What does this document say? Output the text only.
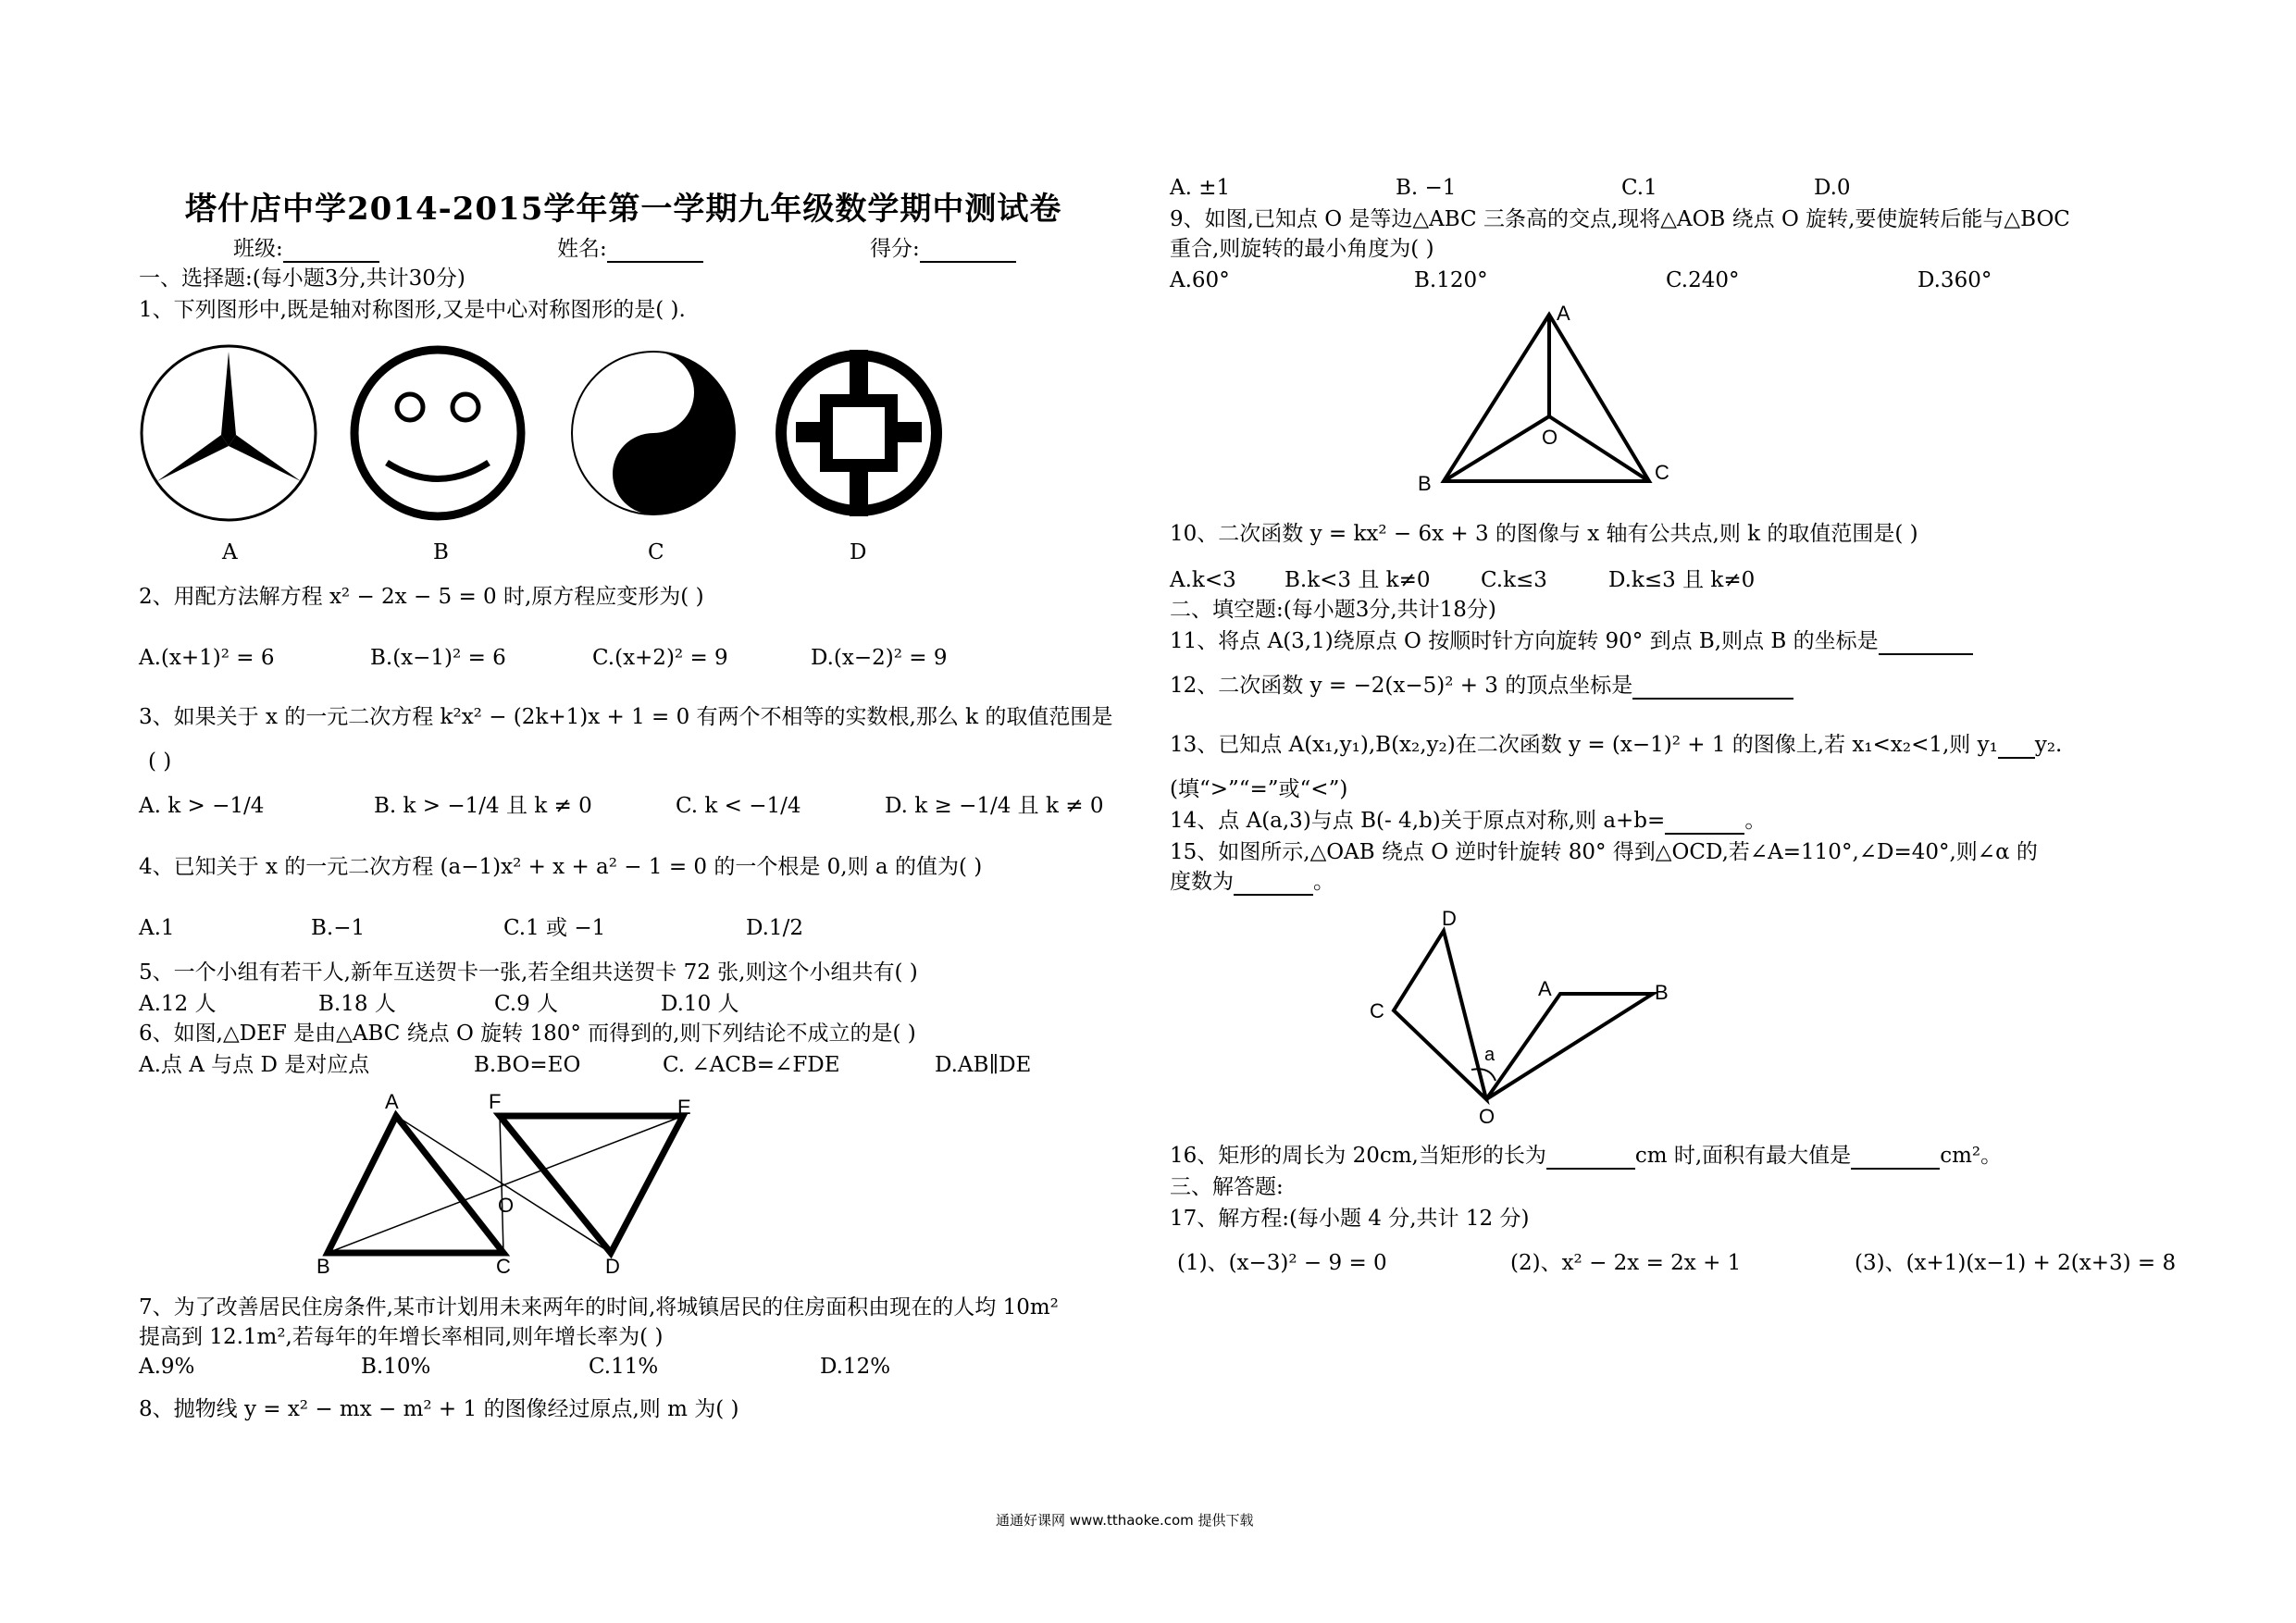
塔什店中学2014-2015学年第一学期九年级数学期中测试卷
班级:	姓名:	得分:
一、选择题:(每小题3分,共计30分)
1、下列图形中,既是轴对称图形,又是中心对称图形的是( ).
A	B	C	D
2、用配方法解方程 x² − 2x − 5 = 0 时,原方程应变形为( )
A.(x+1)² = 6	B.(x−1)² = 6	C.(x+2)² = 9	D.(x−2)² = 9
3、如果关于 x 的一元二次方程 k²x² − (2k+1)x + 1 = 0 有两个不相等的实数根,那么 k 的取值范围是
( )
A. k > −1/4	B. k > −1/4 且 k ≠ 0	C. k < −1/4	D. k ≥ −1/4 且 k ≠ 0
4、已知关于 x 的一元二次方程 (a−1)x² + x + a² − 1 = 0 的一个根是 0,则 a 的值为( )
A.1	B.−1	C.1 或 −1	D.1/2
5、一个小组有若干人,新年互送贺卡一张,若全组共送贺卡 72 张,则这个小组共有( )
A.12 人	B.18 人	C.9 人	D.10 人
6、如图,△DEF 是由△ABC 绕点 O 旋转 180° 而得到的,则下列结论不成立的是( )
A.点 A 与点 D 是对应点	B.BO=EO	C. ∠ACB=∠FDE	D.AB∥DE
A	F	E
O
B	C	D
7、为了改善居民住房条件,某市计划用未来两年的时间,将城镇居民的住房面积由现在的人均 10m²
提高到 12.1m²,若每年的年增长率相同,则年增长率为( )
A.9%	B.10%	C.11%	D.12%
8、抛物线 y = x² − mx − m² + 1 的图像经过原点,则 m 为( )
A. ±1	B. −1	C.1	D.0
9、如图,已知点 O 是等边△ABC 三条高的交点,现将△AOB 绕点 O 旋转,要使旋转后能与△BOC
重合,则旋转的最小角度为( )
A.60°	B.120°	C.240°	D.360°
A
O
B	C
10、二次函数 y = kx² − 6x + 3 的图像与 x 轴有公共点,则 k 的取值范围是( )
A.k<3 B.k<3 且 k≠0 C.k≤3	D.k≤3 且 k≠0
二、填空题:(每小题3分,共计18分)
11、将点 A(3,1)绕原点 O 按顺时针方向旋转 90° 到点 B,则点 B 的坐标是
12、二次函数 y = −2(x−5)² + 3 的顶点坐标是
13、已知点 A(x₁,y₁),B(x₂,y₂)在二次函数 y = (x−1)² + 1 的图像上,若 x₁<x₂<1,则 y₁ y₂.
(填“>”“=”或“<”)
14、点 A(a,3)与点 B(- 4,b)关于原点对称,则 a+b=	。
15、如图所示,△OAB 绕点 O 逆时针旋转 80° 得到△OCD,若∠A=110°,∠D=40°,则∠α 的
度数为	。
D
C
A	B
a
O
16、矩形的周长为 20cm,当矩形的长为	cm 时,面积有最大值是	cm²。
三、解答题:
17、解方程:(每小题 4 分,共计 12 分)
(1)、(x−3)² − 9 = 0	(2)、x² − 2x = 2x + 1	(3)、(x+1)(x−1) + 2(x+3) = 8
通通好课网 www.tthaoke.com 提供下载
